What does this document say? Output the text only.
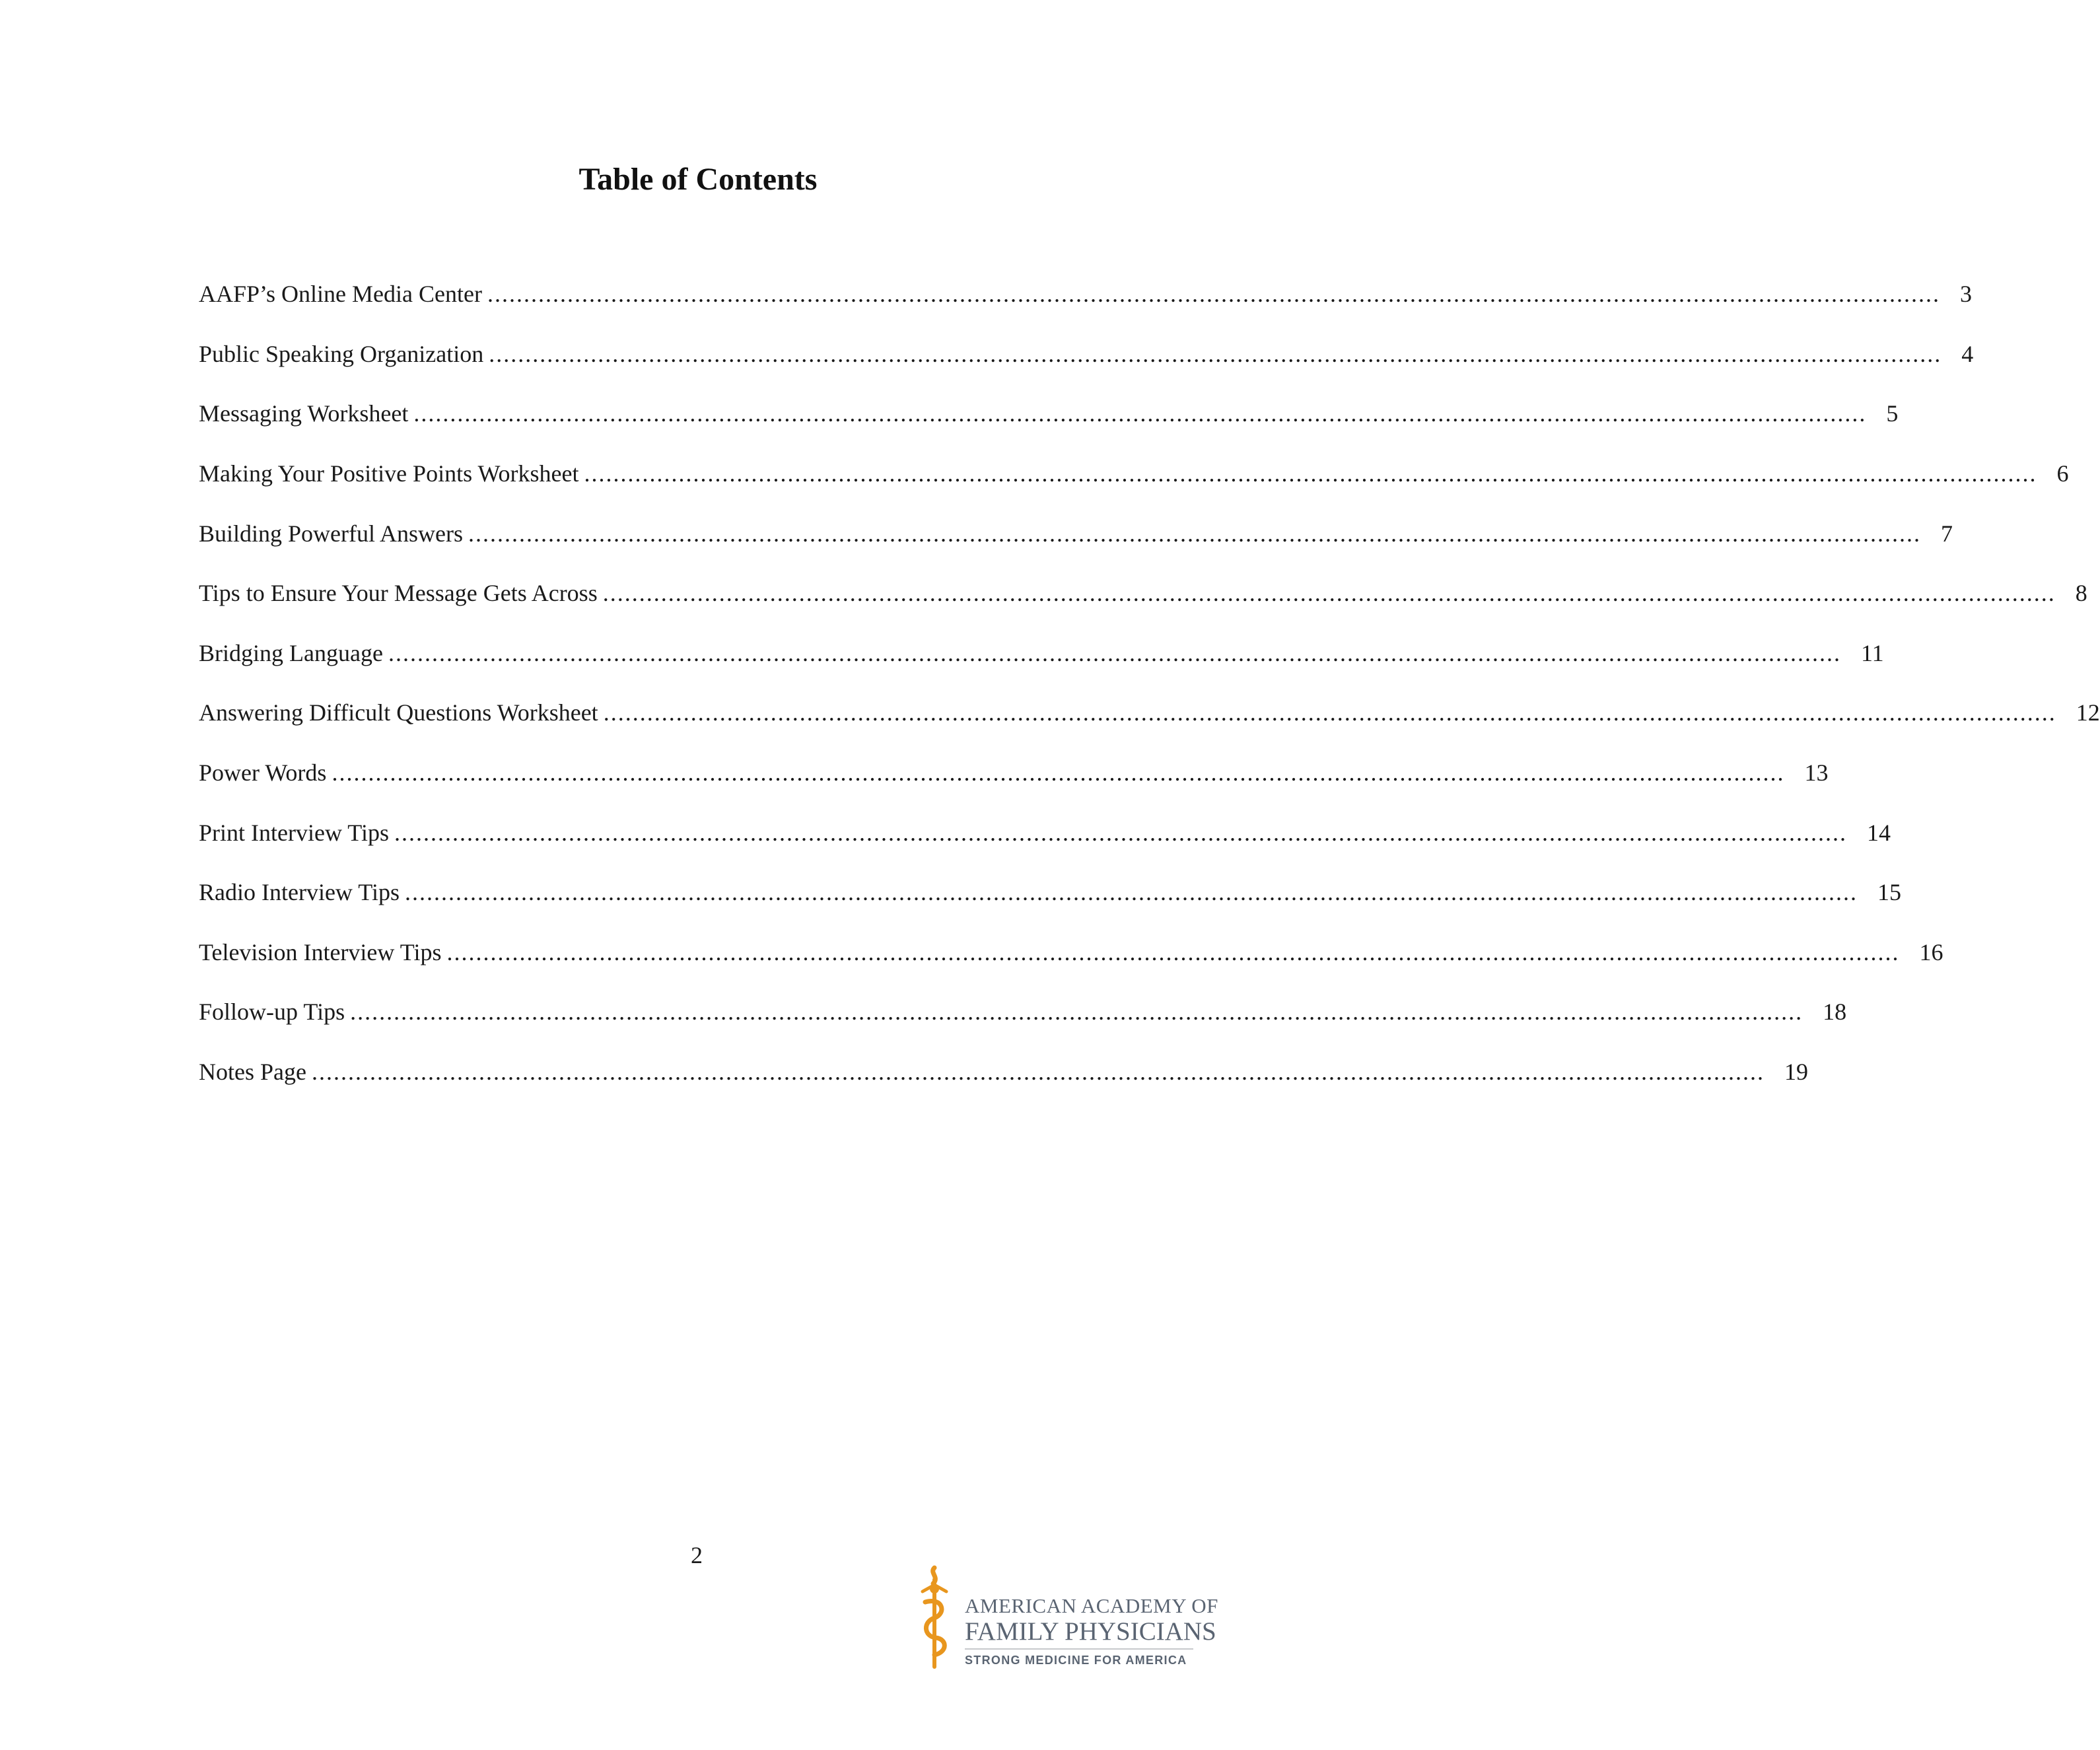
Table of Contents
AAFP’s Online Media Center ........................................................................................................................................................................................................ 3
Public Speaking Organization ........................................................................................................................................................................................................ 4
Messaging Worksheet ........................................................................................................................................................................................................ 5
Making Your Positive Points Worksheet ........................................................................................................................................................................................................ 6
Building Powerful Answers ........................................................................................................................................................................................................ 7
Tips to Ensure Your Message Gets Across ........................................................................................................................................................................................................ 8
Bridging Language ........................................................................................................................................................................................................ 11
Answering Difficult Questions Worksheet ........................................................................................................................................................................................................ 12
Power Words ........................................................................................................................................................................................................ 13
Print Interview Tips ........................................................................................................................................................................................................ 14
Radio Interview Tips ........................................................................................................................................................................................................ 15
Television Interview Tips ........................................................................................................................................................................................................ 16
Follow-up Tips ........................................................................................................................................................................................................ 18
Notes Page ........................................................................................................................................................................................................ 19
2
AMERICAN ACADEMY OF
FAMILY PHYSICIANS
STRONG MEDICINE FOR AMERICA
